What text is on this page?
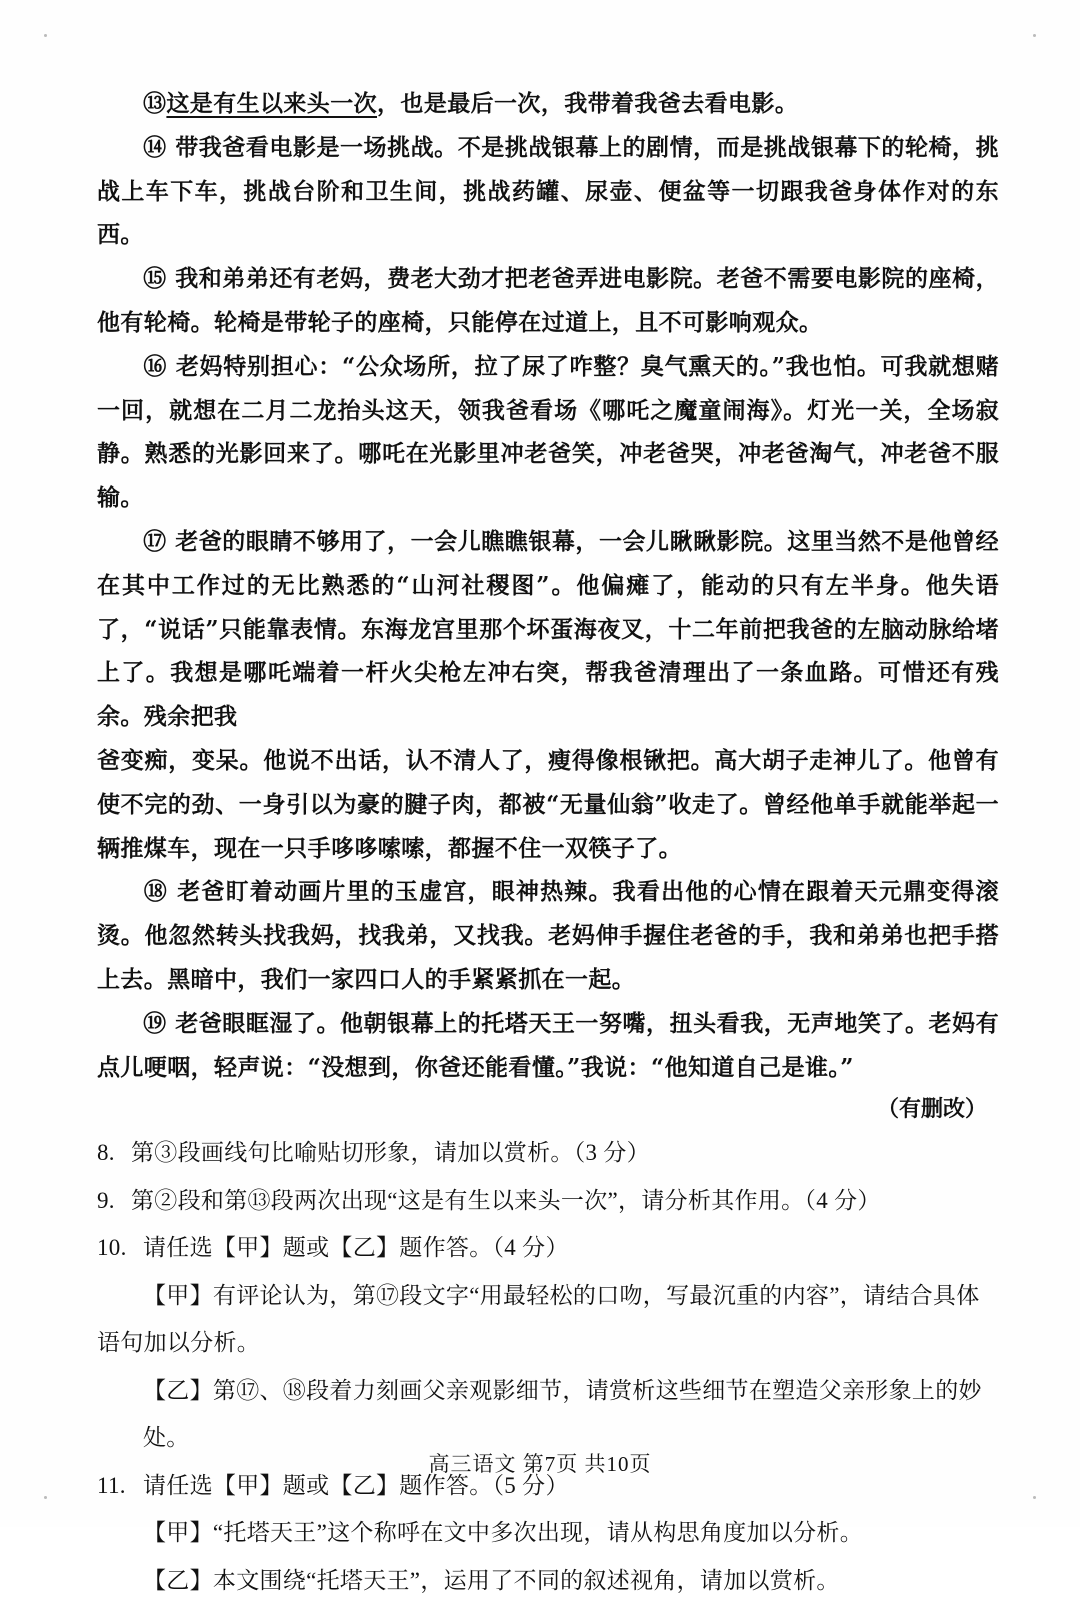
⑬这是有生以来头一次，也是最后一次，我带着我爸去看电影。

⑭ 带我爸看电影是一场挑战。不是挑战银幕上的剧情，而是挑战银幕下的轮椅，挑战上车下车，挑战台阶和卫生间，挑战药罐、尿壶、便盆等一切跟我爸身体作对的东西。

⑮ 我和弟弟还有老妈，费老大劲才把老爸弄进电影院。老爸不需要电影院的座椅，他有轮椅。轮椅是带轮子的座椅，只能停在过道上，且不可影响观众。

⑯ 老妈特别担心：“公众场所，拉了尿了咋整？臭气熏天的。”我也怕。可我就想赌一回，就想在二月二龙抬头这天，领我爸看场《哪吒之魔童闹海》。灯光一关，全场寂静。熟悉的光影回来了。哪吒在光影里冲老爸笑，冲老爸哭，冲老爸淘气，冲老爸不服输。

⑰ 老爸的眼睛不够用了，一会儿瞧瞧银幕，一会儿瞅瞅影院。这里当然不是他曾经在其中工作过的无比熟悉的“山河社稷图”。他偏瘫了，能动的只有左半身。他失语了，“说话”只能靠表情。东海龙宫里那个坏蛋海夜叉，十二年前把我爸的左脑动脉给堵上了。我想是哪吒端着一杆火尖枪左冲右突，帮我爸清理出了一条血路。可惜还有残余。残余把我

爸变痴，变呆。他说不出话，认不清人了，瘦得像根锹把。高大胡子走神儿了。他曾有使不完的劲、一身引以为豪的腱子肉，都被“无量仙翁”收走了。曾经他单手就能举起一辆推煤车，现在一只手哆哆嗦嗦，都握不住一双筷子了。

⑱ 老爸盯着动画片里的玉虚宫，眼神热辣。我看出他的心情在跟着天元鼎变得滚烫。他忽然转头找我妈，找我弟，又找我。老妈伸手握住老爸的手，我和弟弟也把手搭上去。黑暗中，我们一家四口人的手紧紧抓在一起。

⑲ 老爸眼眶湿了。他朝银幕上的托塔天王一努嘴，扭头看我，无声地笑了。老妈有点儿哽咽，轻声说：“没想到，你爸还能看懂。”我说：“他知道自己是谁。”

（有删改）

8. 第③段画线句比喻贴切形象，请加以赏析。（3 分）

9. 第②段和第⑬段两次出现“这是有生以来头一次”，请分析其作用。（4 分）

10. 请任选【甲】题或【乙】题作答。（4 分）

【甲】有评论认为，第⑰段文字“用最轻松的口吻，写最沉重的内容”，请结合具体语句加以分析。

【乙】第⑰、⑱段着力刻画父亲观影细节，请赏析这些细节在塑造父亲形象上的妙处。

11. 请任选【甲】题或【乙】题作答。（5 分）

【甲】“托塔天王”这个称呼在文中多次出现，请从构思角度加以分析。

【乙】本文围绕“托塔天王”，运用了不同的叙述视角，请加以赏析。

高三语文 第7页 共10页
